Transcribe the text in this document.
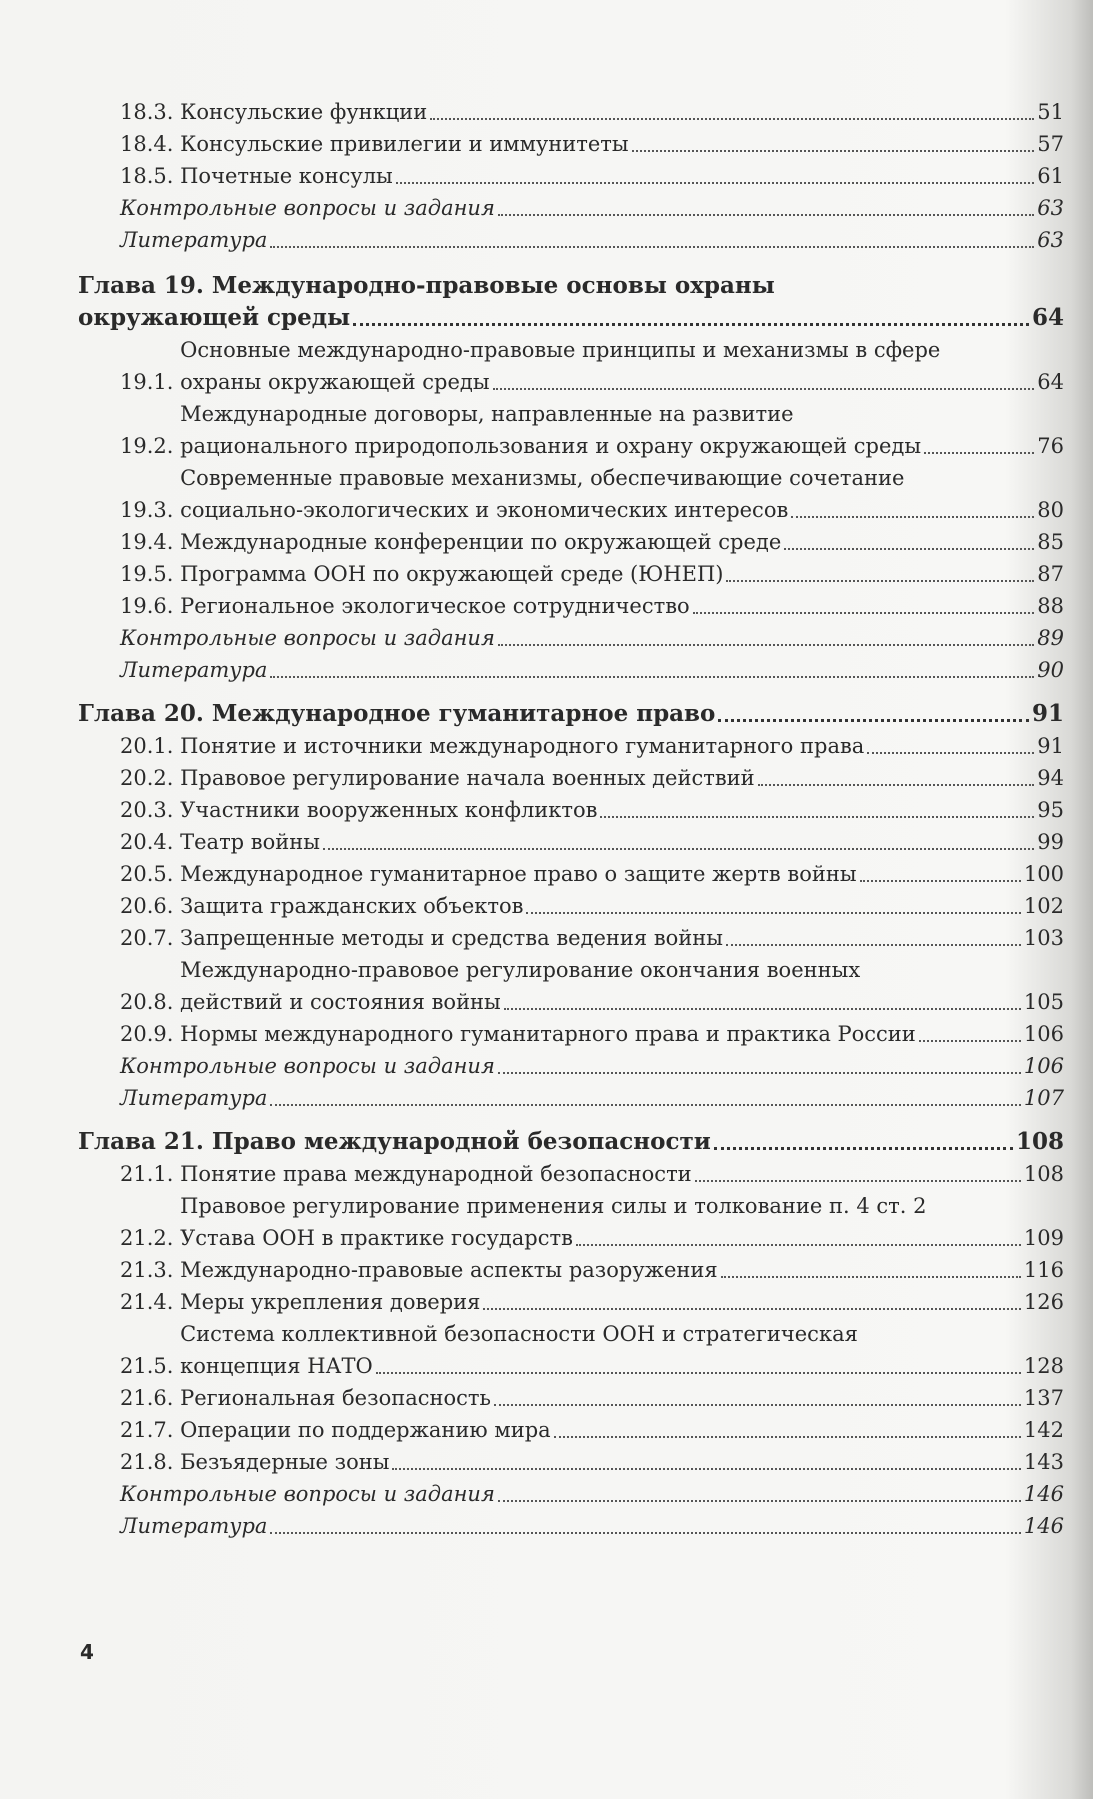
18.3. Консульские функции	51
18.4. Консульские привилегии и иммунитеты	57
18.5. Почетные консулы	61
Контрольные вопросы и задания	63
Литература	63
Глава 19. Международно-правовые основы охраны
окружающей среды	64
19.1.
Основные международно-правовые принципы и механизмы в сфере
охраны окружающей среды	64
19.2.
Международные договоры, направленные на развитие
рационального природопользования и охрану окружающей среды	76
19.3.
Современные правовые механизмы, обеспечивающие сочетание
социально-экологических и экономических интересов	80
19.4. Международные конференции по окружающей среде	85
19.5. Программа ООН по окружающей среде (ЮНЕП)	87
19.6. Региональное экологическое сотрудничество	88
Контрольные вопросы и задания	89
Литература	90
Глава 20. Международное гуманитарное право	91
20.1. Понятие и источники международного гуманитарного права	91
20.2. Правовое регулирование начала военных действий	94
20.3. Участники вооруженных конфликтов	95
20.4. Театр войны	99
20.5. Международное гуманитарное право о защите жертв войны	100
20.6. Защита гражданских объектов	102
20.7. Запрещенные методы и средства ведения войны	103
20.8.
Международно-правовое регулирование окончания военных
действий и состояния войны	105
20.9. Нормы международного гуманитарного права и практика России	106
Контрольные вопросы и задания	106
Литература	107
Глава 21. Право международной безопасности	108
21.1. Понятие права международной безопасности	108
21.2.
Правовое регулирование применения силы и толкование п. 4 ст. 2
Устава ООН в практике государств	109
21.3. Международно-правовые аспекты разоружения	116
21.4. Меры укрепления доверия	126
21.5.
Система коллективной безопасности ООН и стратегическая
концепция НАТО	128
21.6. Региональная безопасность	137
21.7. Операции по поддержанию мира	142
21.8. Безъядерные зоны	143
Контрольные вопросы и задания	146
Литература	146
4
